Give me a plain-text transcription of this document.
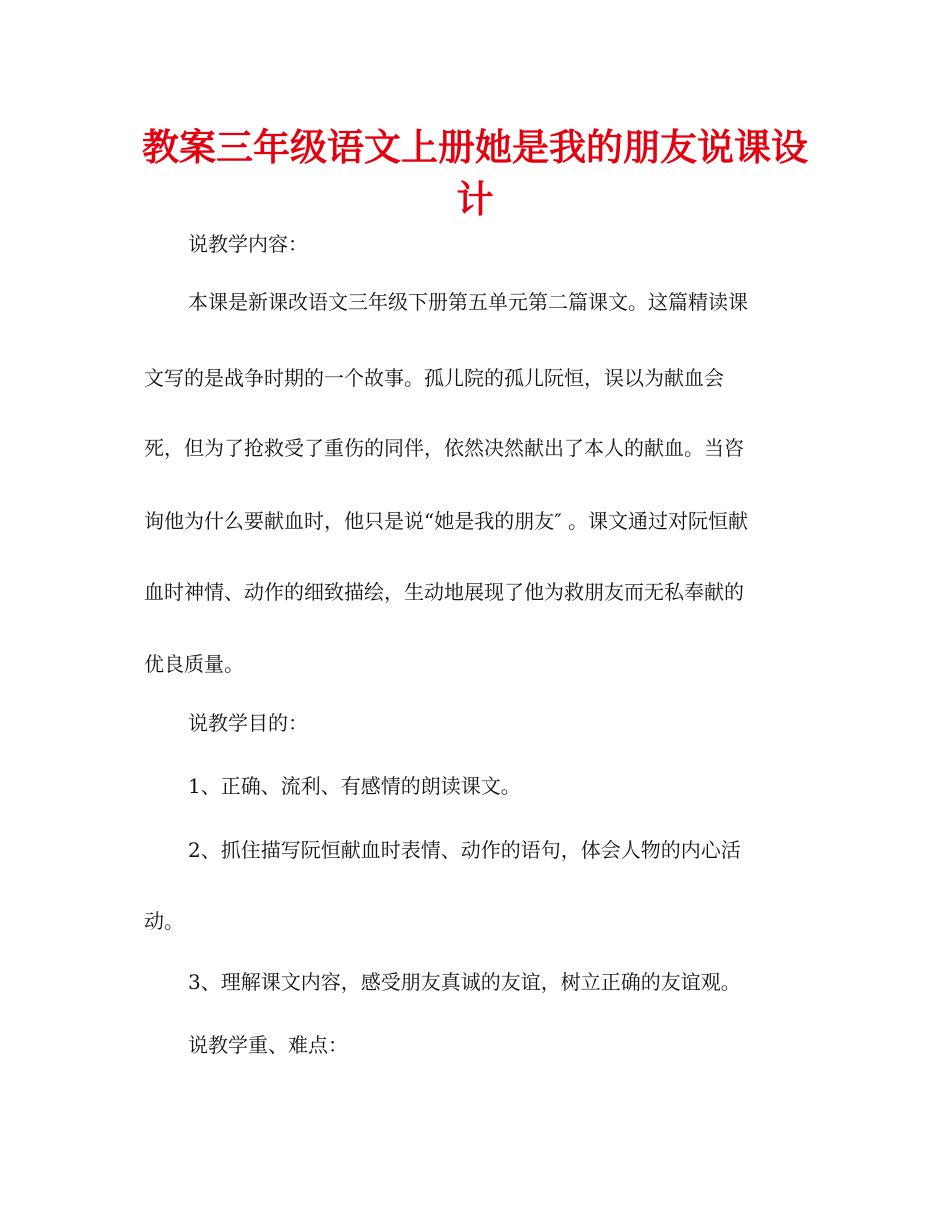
教案三年级语文上册她是我的朋友说课设
计

说教学内容：

本课是新课改语文三年级下册第五单元第二篇课文。这篇精读课

文写的是战争时期的一个故事。孤儿院的孤儿阮恒，误以为献血会

死，但为了抢救受了重伤的同伴，依然决然献出了本人的献血。当咨

询他为什么要献血时，他只是说“她是我的朋友″ 。课文通过对阮恒献

血时神情、动作的细致描绘，生动地展现了他为救朋友而无私奉献的

优良质量。

说教学目的：

1、正确、流利、有感情的朗读课文。

2、抓住描写阮恒献血时表情、动作的语句，体会人物的内心活

动。

3、理解课文内容，感受朋友真诚的友谊，树立正确的友谊观。

说教学重、难点：
